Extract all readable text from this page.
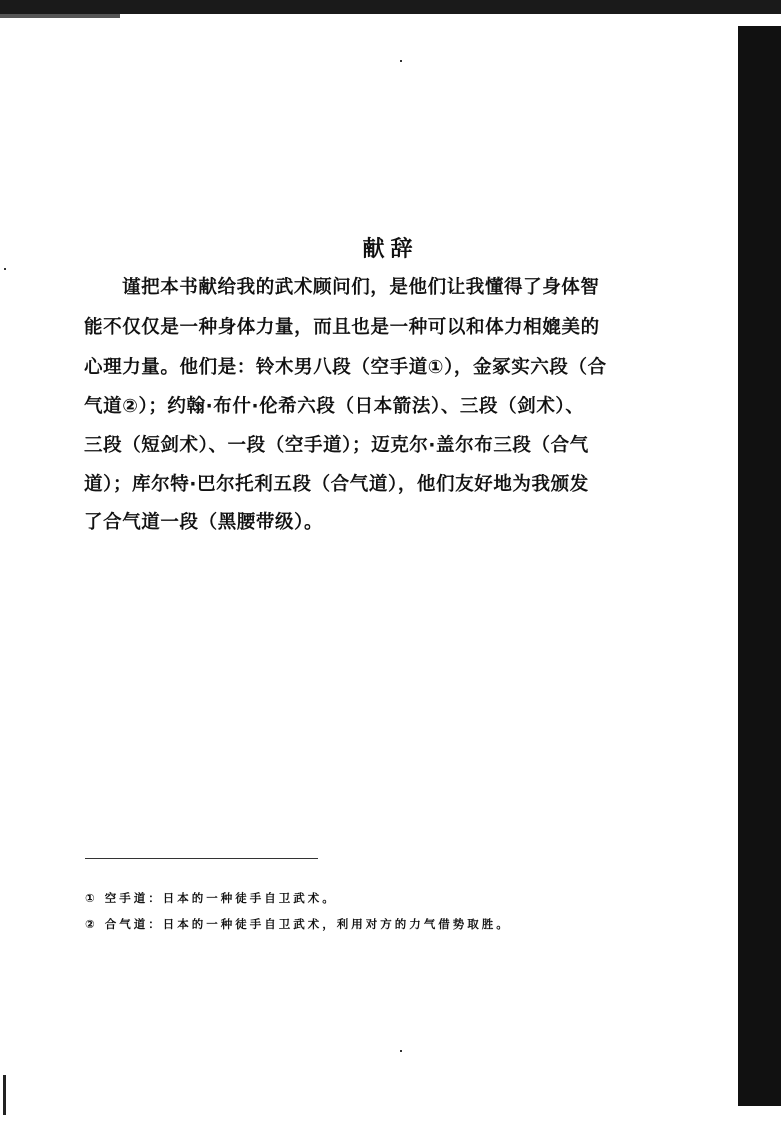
献辞
谨把本书献给我的武术顾问们，是他们让我懂得了身体智
能不仅仅是一种身体力量，而且也是一种可以和体力相媲美的
心理力量。他们是：铃木男八段（空手道①），金冢实六段（合
气道②）；约翰·布什·伦希六段（日本箭法）、三段（剑术）、
三段（短剑术）、一段（空手道）；迈克尔·盖尔布三段（合气
道）；库尔特·巴尔托利五段（合气道），他们友好地为我颁发
了合气道一段（黑腰带级）。
① 空手道：日本的一种徒手自卫武术。
② 合气道：日本的一种徒手自卫武术，利用对方的力气借势取胜。
